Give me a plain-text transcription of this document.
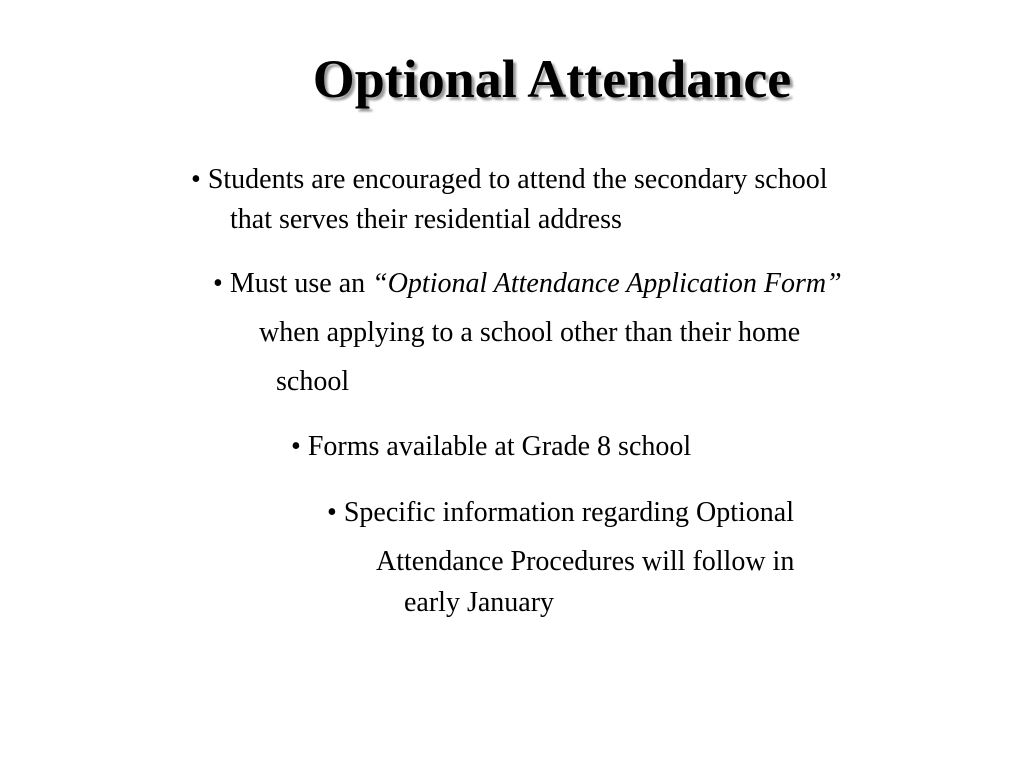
Optional Attendance
• Students are encouraged to attend the secondary school
that serves their residential address
• Must use an “Optional Attendance Application Form”
when applying to a school other than their home
school
• Forms available at Grade 8 school
• Specific information regarding Optional
Attendance Procedures will follow in
early January
